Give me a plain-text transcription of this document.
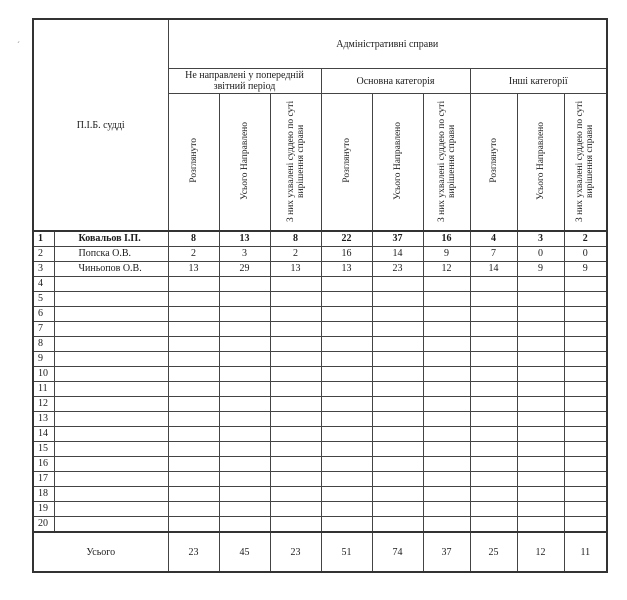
´
П.І.Б. судді		Адміністративні справи								
		Не направлені у попередній звітний період			Основна категорія			Інші категорії		
		Розглянуто	Усього Направлено	З них ухвалені суддею по суті вирішення справи	Розглянуто	Усього Направлено	З них ухвалені суддею по суті вирішення справи	Розглянуто	Усього Направлено	З них ухвалені суддею по суті вирішення справи
1	Ковальов І.П.	8	13	8	22	37	16	4	3	2
2	Попска О.В.	2	3	2	16	14	9	7	0	0
3	Чиньопов О.В.	13	29	13	13	23	12	14	9	9
4										
5										
6										
7										
8										
9										
10										
11										
12										
13										
14										
15										
16										
17										
18										
19										
20										
Усього		23	45	23	51	74	37	25	12	11
